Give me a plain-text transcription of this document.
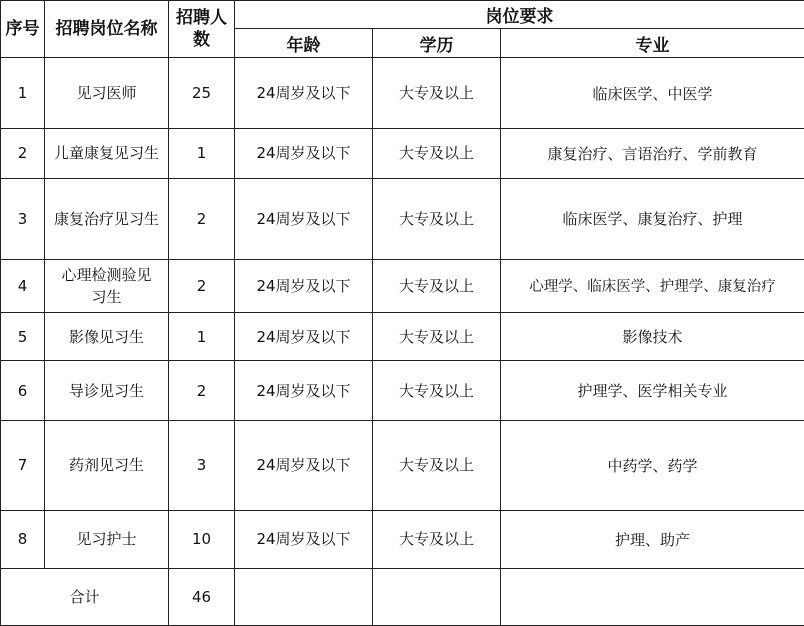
序号	招聘岗位名称	招聘人数	岗位要求		
			年龄	学历	专业
1	见习医师	25	24周岁及以下	大专及以上	临床医学、中医学
2	儿童康复见习生	1	24周岁及以下	大专及以上	康复治疗、言语治疗、学前教育
3	康复治疗见习生	2	24周岁及以下	大专及以上	临床医学、康复治疗、护理
4	心理检测验见习生	2	24周岁及以下	大专及以上	心理学、临床医学、护理学、康复治疗
5	影像见习生	1	24周岁及以下	大专及以上	影像技术
6	导诊见习生	2	24周岁及以下	大专及以上	护理学、医学相关专业
7	药剂见习生	3	24周岁及以下	大专及以上	中药学、药学
8	见习护士	10	24周岁及以下	大专及以上	护理、助产
合计		46			
